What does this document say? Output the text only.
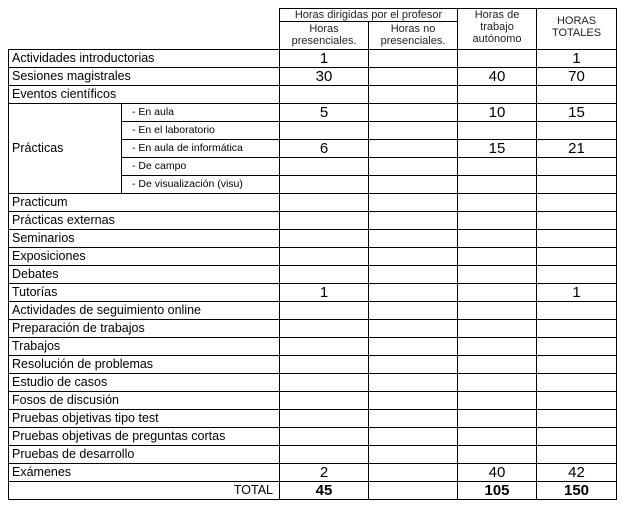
		Horas dirigidas por el profesor		Horas de trabajo autónomo	HORAS TOTALES
		Horas presenciales.	Horas no presenciales.		
Actividades introductorias		1			1
Sesiones magistrales		30		40	70
Eventos científicos					
Prácticas	- En aula	5		10	15
	- En el laboratorio				
	- En aula de informática	6		15	21
	- De campo				
	- De visualización (visu)				
Practicum					
Prácticas externas					
Seminarios					
Exposiciones					
Debates					
Tutorías		1			1
Actividades de seguimiento online					
Preparación de trabajos					
Trabajos					
Resolución de problemas					
Estudio de casos					
Fosos de discusión					
Pruebas objetivas tipo test					
Pruebas objetivas de preguntas cortas					
Pruebas de desarrollo					
Exámenes		2		40	42
TOTAL		45		105	150
